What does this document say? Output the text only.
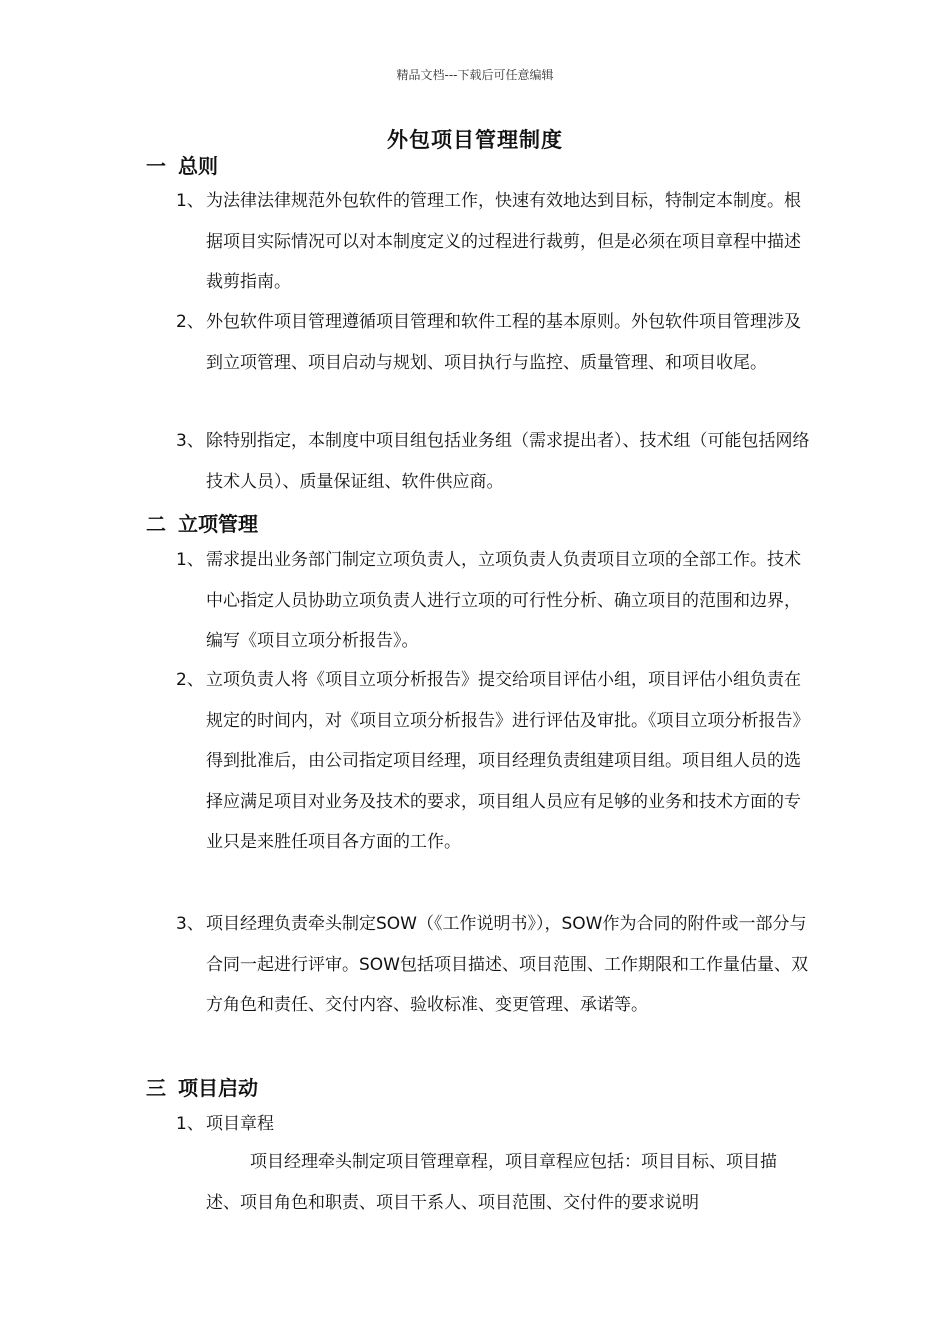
精品文档---下载后可任意编辑
外包项目管理制度
一 总则
1、 为法律法律规范外包软件的管理工作，快速有效地达到目标，特制定本制度。根据项目实际情况可以对本制度定义的过程进行裁剪，但是必须在项目章程中描述裁剪指南。
2、 外包软件项目管理遵循项目管理和软件工程的基本原则。外包软件项目管理涉及到立项管理、项目启动与规划、项目执行与监控、质量管理、和项目收尾。
3、 除特别指定，本制度中项目组包括业务组（需求提出者）、技术组（可能包括网络技术人员）、质量保证组、软件供应商。
二 立项管理
1、 需求提出业务部门制定立项负责人，立项负责人负责项目立项的全部工作。技术中心指定人员协助立项负责人进行立项的可行性分析、确立项目的范围和边界，编写《项目立项分析报告》。
2、 立项负责人将《项目立项分析报告》提交给项目评估小组，项目评估小组负责在规定的时间内，对《项目立项分析报告》进行评估及审批。《项目立项分析报告》得到批准后，由公司指定项目经理，项目经理负责组建项目组。项目组人员的选择应满足项目对业务及技术的要求，项目组人员应有足够的业务和技术方面的专业只是来胜任项目各方面的工作。
3、 项目经理负责牵头制定SOW（《工作说明书》），SOW作为合同的附件或一部分与合同一起进行评审。SOW包括项目描述、项目范围、工作期限和工作量估量、双方角色和责任、交付内容、验收标准、变更管理、承诺等。
三 项目启动
1、 项目章程
项目经理牵头制定项目管理章程，项目章程应包括：项目目标、项目描述、项目角色和职责、项目干系人、项目范围、交付件的要求说明
